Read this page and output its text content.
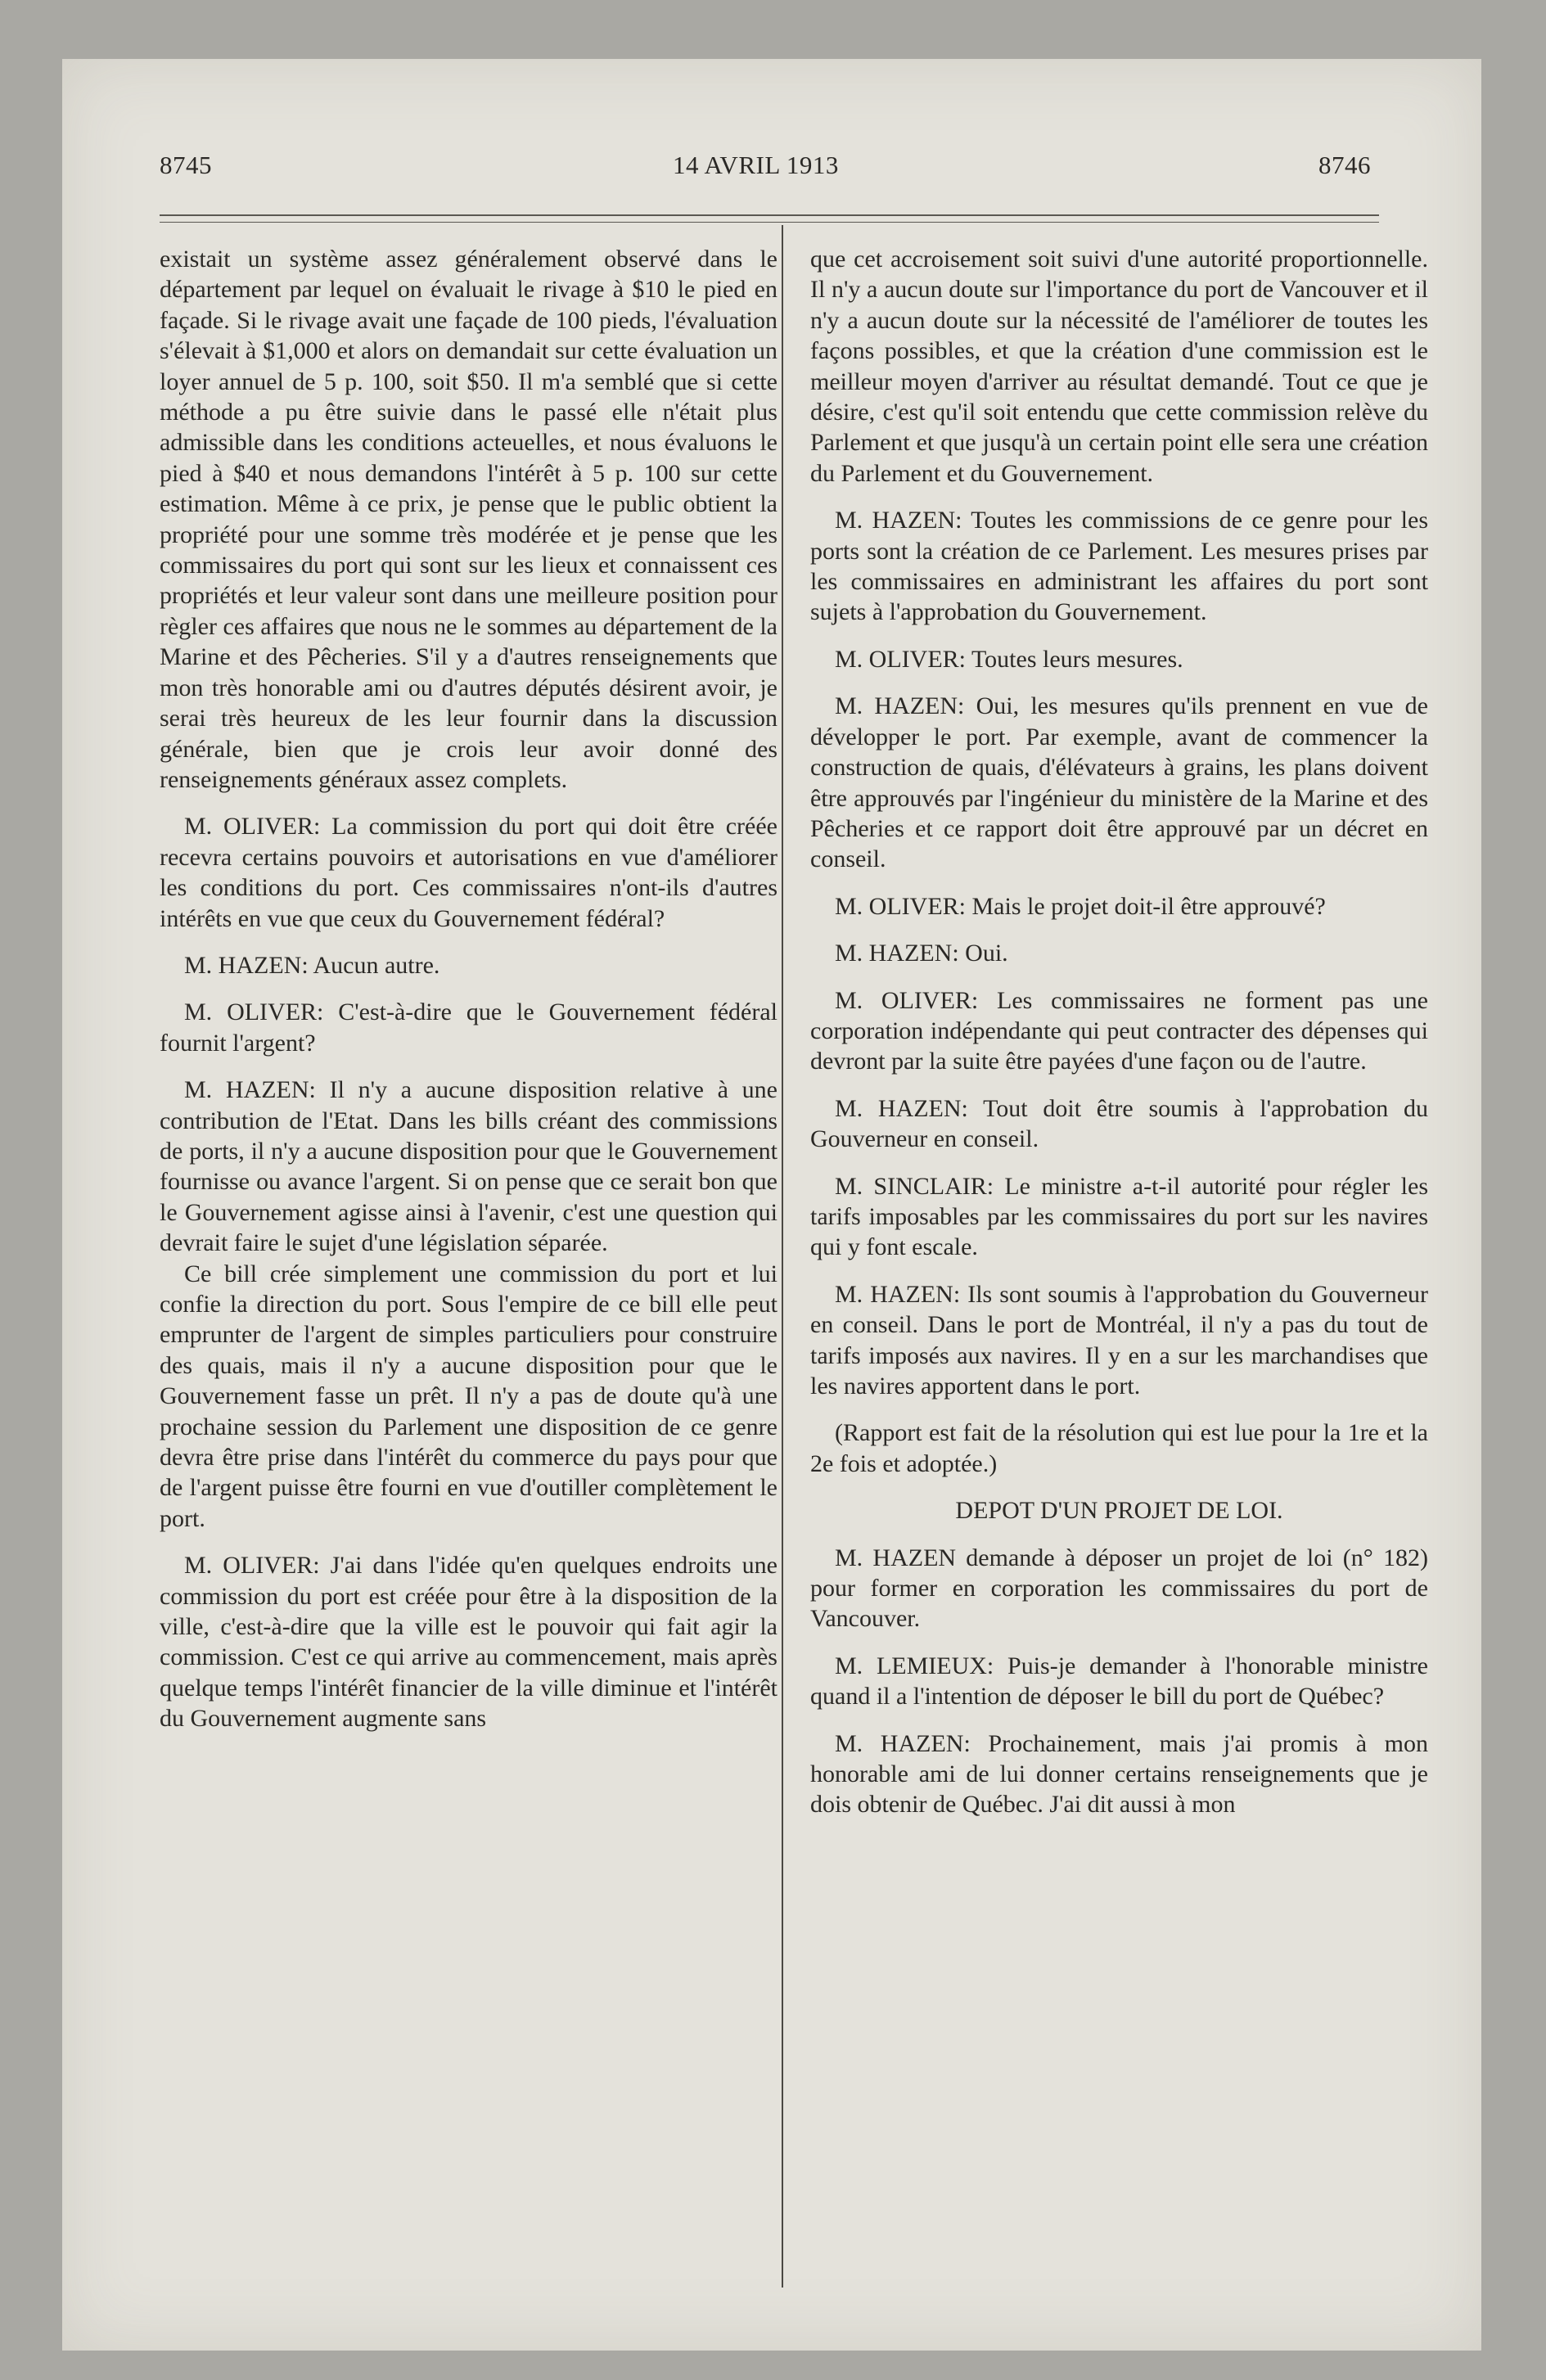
8745	14 AVRIL 1913	8746

existait un système assez généralement observé dans le département par lequel on évaluait le rivage à $10 le pied en façade. Si le rivage avait une façade de 100 pieds, l'évaluation s'élevait à $1,000 et alors on demandait sur cette évaluation un loyer annuel de 5 p. 100, soit $50. Il m'a semblé que si cette méthode a pu être suivie dans le passé elle n'était plus admissible dans les conditions acteuelles, et nous évaluons le pied à $40 et nous demandons l'intérêt à 5 p. 100 sur cette estimation. Même à ce prix, je pense que le public obtient la propriété pour une somme très modérée et je pense que les commissaires du port qui sont sur les lieux et connaissent ces propriétés et leur valeur sont dans une meilleure position pour règler ces affaires que nous ne le sommes au département de la Marine et des Pêcheries. S'il y a d'autres renseignements que mon très honorable ami ou d'autres députés désirent avoir, je serai très heureux de les leur fournir dans la discussion générale, bien que je crois leur avoir donné des renseignements généraux assez complets.

M. OLIVER: La commission du port qui doit être créée recevra certains pouvoirs et autorisations en vue d'améliorer les conditions du port. Ces commissaires n'ont-ils d'autres intérêts en vue que ceux du Gouvernement fédéral?

M. HAZEN: Aucun autre.

M. OLIVER: C'est-à-dire que le Gouvernement fédéral fournit l'argent?

M. HAZEN: Il n'y a aucune disposition relative à une contribution de l'Etat. Dans les bills créant des commissions de ports, il n'y a aucune disposition pour que le Gouvernement fournisse ou avance l'argent. Si on pense que ce serait bon que le Gouvernement agisse ainsi à l'avenir, c'est une question qui devrait faire le sujet d'une législation séparée.

Ce bill crée simplement une commission du port et lui confie la direction du port. Sous l'empire de ce bill elle peut emprunter de l'argent de simples particuliers pour construire des quais, mais il n'y a aucune disposition pour que le Gouvernement fasse un prêt. Il n'y a pas de doute qu'à une prochaine session du Parlement une disposition de ce genre devra être prise dans l'intérêt du commerce du pays pour que de l'argent puisse être fourni en vue d'outiller complètement le port.

M. OLIVER: J'ai dans l'idée qu'en quelques endroits une commission du port est créée pour être à la disposition de la ville, c'est-à-dire que la ville est le pouvoir qui fait agir la commission. C'est ce qui arrive au commencement, mais après quelque temps l'intérêt financier de la ville diminue et l'intérêt du Gouvernement augmente sans

que cet accroisement soit suivi d'une autorité proportionnelle. Il n'y a aucun doute sur l'importance du port de Vancouver et il n'y a aucun doute sur la nécessité de l'améliorer de toutes les façons possibles, et que la création d'une commission est le meilleur moyen d'arriver au résultat demandé. Tout ce que je désire, c'est qu'il soit entendu que cette commission relève du Parlement et que jusqu'à un certain point elle sera une création du Parlement et du Gouvernement.

M. HAZEN: Toutes les commissions de ce genre pour les ports sont la création de ce Parlement. Les mesures prises par les commissaires en administrant les affaires du port sont sujets à l'approbation du Gouvernement.

M. OLIVER: Toutes leurs mesures.

M. HAZEN: Oui, les mesures qu'ils prennent en vue de développer le port. Par exemple, avant de commencer la construction de quais, d'élévateurs à grains, les plans doivent être approuvés par l'ingénieur du ministère de la Marine et des Pêcheries et ce rapport doit être approuvé par un décret en conseil.

M. OLIVER: Mais le projet doit-il être approuvé?

M. HAZEN: Oui.

M. OLIVER: Les commissaires ne forment pas une corporation indépendante qui peut contracter des dépenses qui devront par la suite être payées d'une façon ou de l'autre.

M. HAZEN: Tout doit être soumis à l'approbation du Gouverneur en conseil.

M. SINCLAIR: Le ministre a-t-il autorité pour régler les tarifs imposables par les commissaires du port sur les navires qui y font escale.

M. HAZEN: Ils sont soumis à l'approbation du Gouverneur en conseil. Dans le port de Montréal, il n'y a pas du tout de tarifs imposés aux navires. Il y en a sur les marchandises que les navires apportent dans le port.

(Rapport est fait de la résolution qui est lue pour la 1re et la 2e fois et adoptée.)

DEPOT D'UN PROJET DE LOI.

M. HAZEN demande à déposer un projet de loi (n° 182) pour former en corporation les commissaires du port de Vancouver.

M. LEMIEUX: Puis-je demander à l'honorable ministre quand il a l'intention de déposer le bill du port de Québec?

M. HAZEN: Prochainement, mais j'ai promis à mon honorable ami de lui donner certains renseignements que je dois obtenir de Québec. J'ai dit aussi à mon
